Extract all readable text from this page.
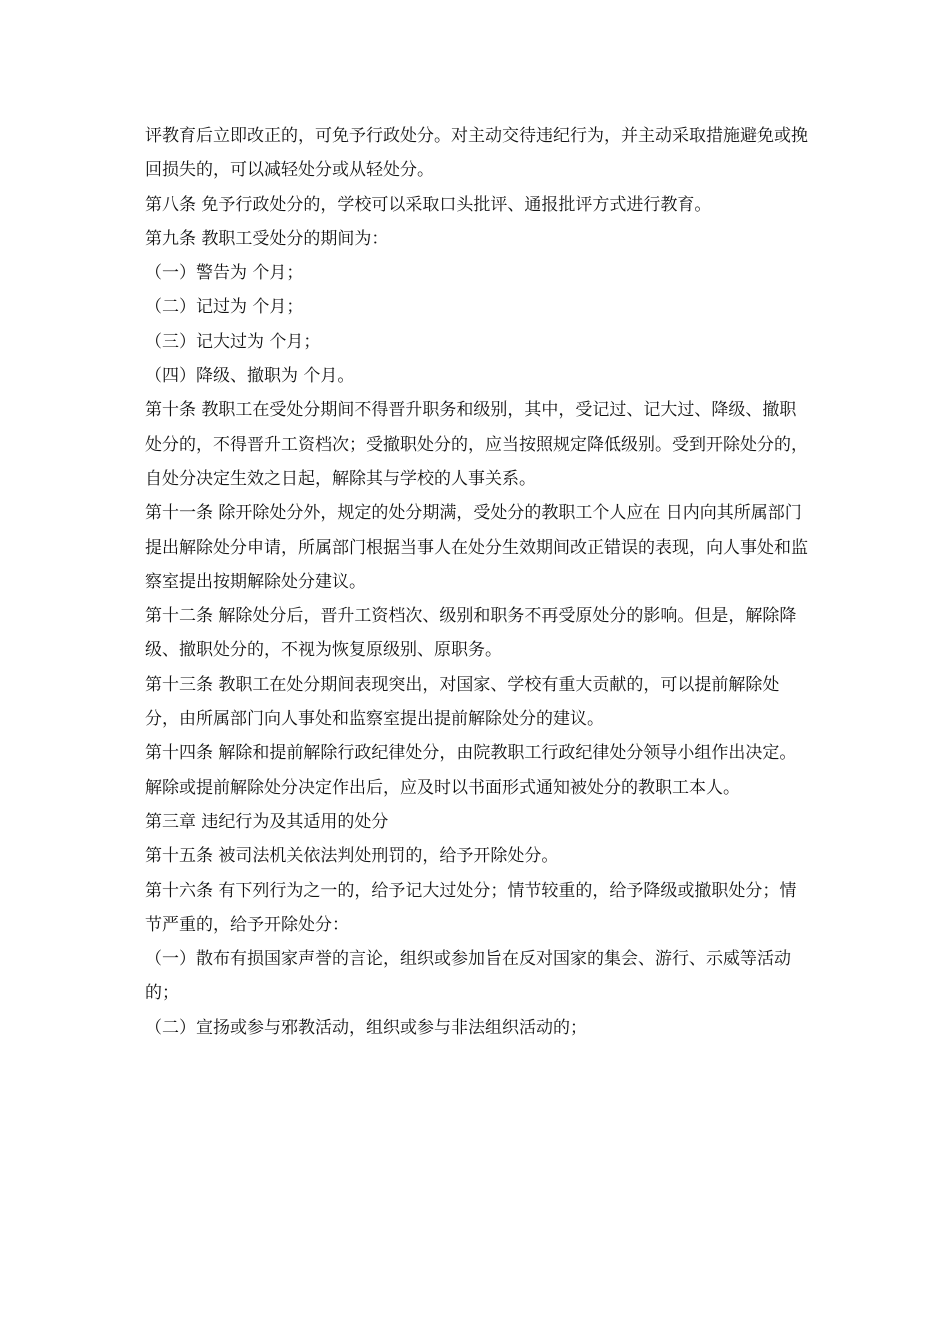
评教育后立即改正的，可免予行政处分。对主动交待违纪行为，并主动采取措施避免或挽回损失的，可以减轻处分或从轻处分。

第八条 免予行政处分的，学校可以采取口头批评、通报批评方式进行教育。

第九条 教职工受处分的期间为：

（一）警告为 个月；

（二）记过为 个月；

（三）记大过为 个月；

（四）降级、撤职为 个月。

第十条 教职工在受处分期间不得晋升职务和级别，其中，受记过、记大过、降级、撤职处分的，不得晋升工资档次；受撤职处分的，应当按照规定降低级别。受到开除处分的，自处分决定生效之日起，解除其与学校的人事关系。

第十一条 除开除处分外，规定的处分期满，受处分的教职工个人应在 日内向其所属部门提出解除处分申请，所属部门根据当事人在处分生效期间改正错误的表现，向人事处和监察室提出按期解除处分建议。

第十二条 解除处分后，晋升工资档次、级别和职务不再受原处分的影响。但是，解除降级、撤职处分的，不视为恢复原级别、原职务。

第十三条 教职工在处分期间表现突出，对国家、学校有重大贡献的，可以提前解除处分，由所属部门向人事处和监察室提出提前解除处分的建议。

第十四条 解除和提前解除行政纪律处分，由院教职工行政纪律处分领导小组作出决定。

解除或提前解除处分决定作出后，应及时以书面形式通知被处分的教职工本人。

第三章 违纪行为及其适用的处分

第十五条 被司法机关依法判处刑罚的，给予开除处分。

第十六条 有下列行为之一的，给予记大过处分；情节较重的，给予降级或撤职处分；情节严重的，给予开除处分：

（一）散布有损国家声誉的言论，组织或参加旨在反对国家的集会、游行、示威等活动的；

（二）宣扬或参与邪教活动，组织或参与非法组织活动的；
